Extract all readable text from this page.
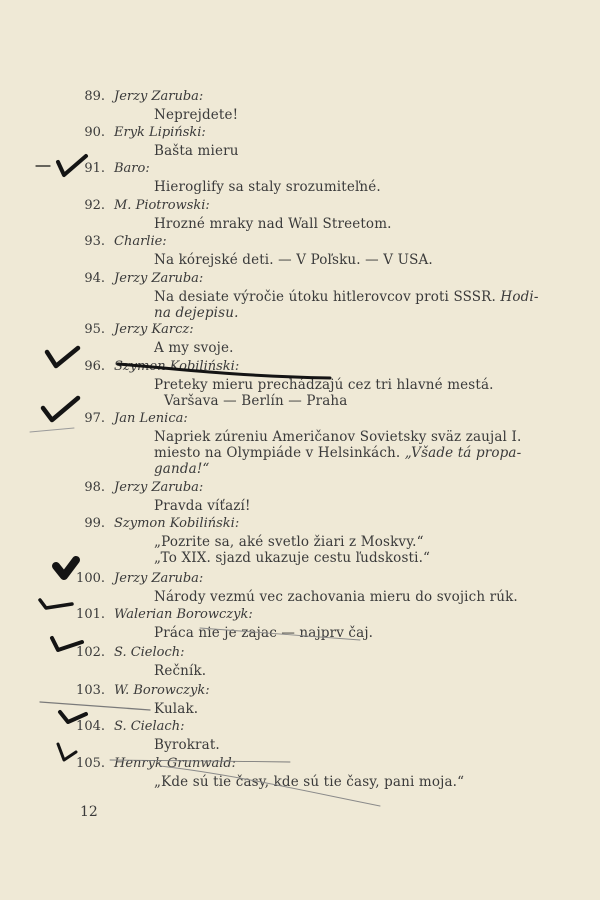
89. Jerzy Zaruba:
Neprejdete!
90. Eryk Lipiński:
Bašta mieru
91. Baro:
Hieroglify sa staly srozumiteľné.
92. M. Piotrowski:
Hrozné mraky nad Wall Streetom.
93. Charlie:
Na kórejské deti. — V Poľsku. — V USA.
94. Jerzy Zaruba:
Na desiate výročie útoku hitlerovcov proti SSSR. Hodi-
na dejepisu.
95. Jerzy Karcz:
A my svoje.
96. Szymon Kobiliński:
Preteky mieru prechádzajú cez tri hlavné mestá.
Varšava — Berlín — Praha
97. Jan Lenica:
Napriek zúreniu Američanov Sovietsky sväz zaujal I.
miesto na Olympiáde v Helsinkách. „Všade tá propa-
ganda!“
98. Jerzy Zaruba:
Pravda víťazí!
99. Szymon Kobiliński:
„Pozrite sa, aké svetlo žiari z Moskvy.“
„To XIX. sjazd ukazuje cestu ľudskosti.“
100. Jerzy Zaruba:
Národy vezmú vec zachovania mieru do svojich rúk.
101. Walerian Borowczyk:
Práca nie je zajac — najprv čaj.
102. S. Cieloch:
Rečník.
103. W. Borowczyk:
Kulak.
104. S. Cielach:
Byrokrat.
105. Henryk Grunwald:
„Kde sú tie časy, kde sú tie časy, pani moja.“
12
